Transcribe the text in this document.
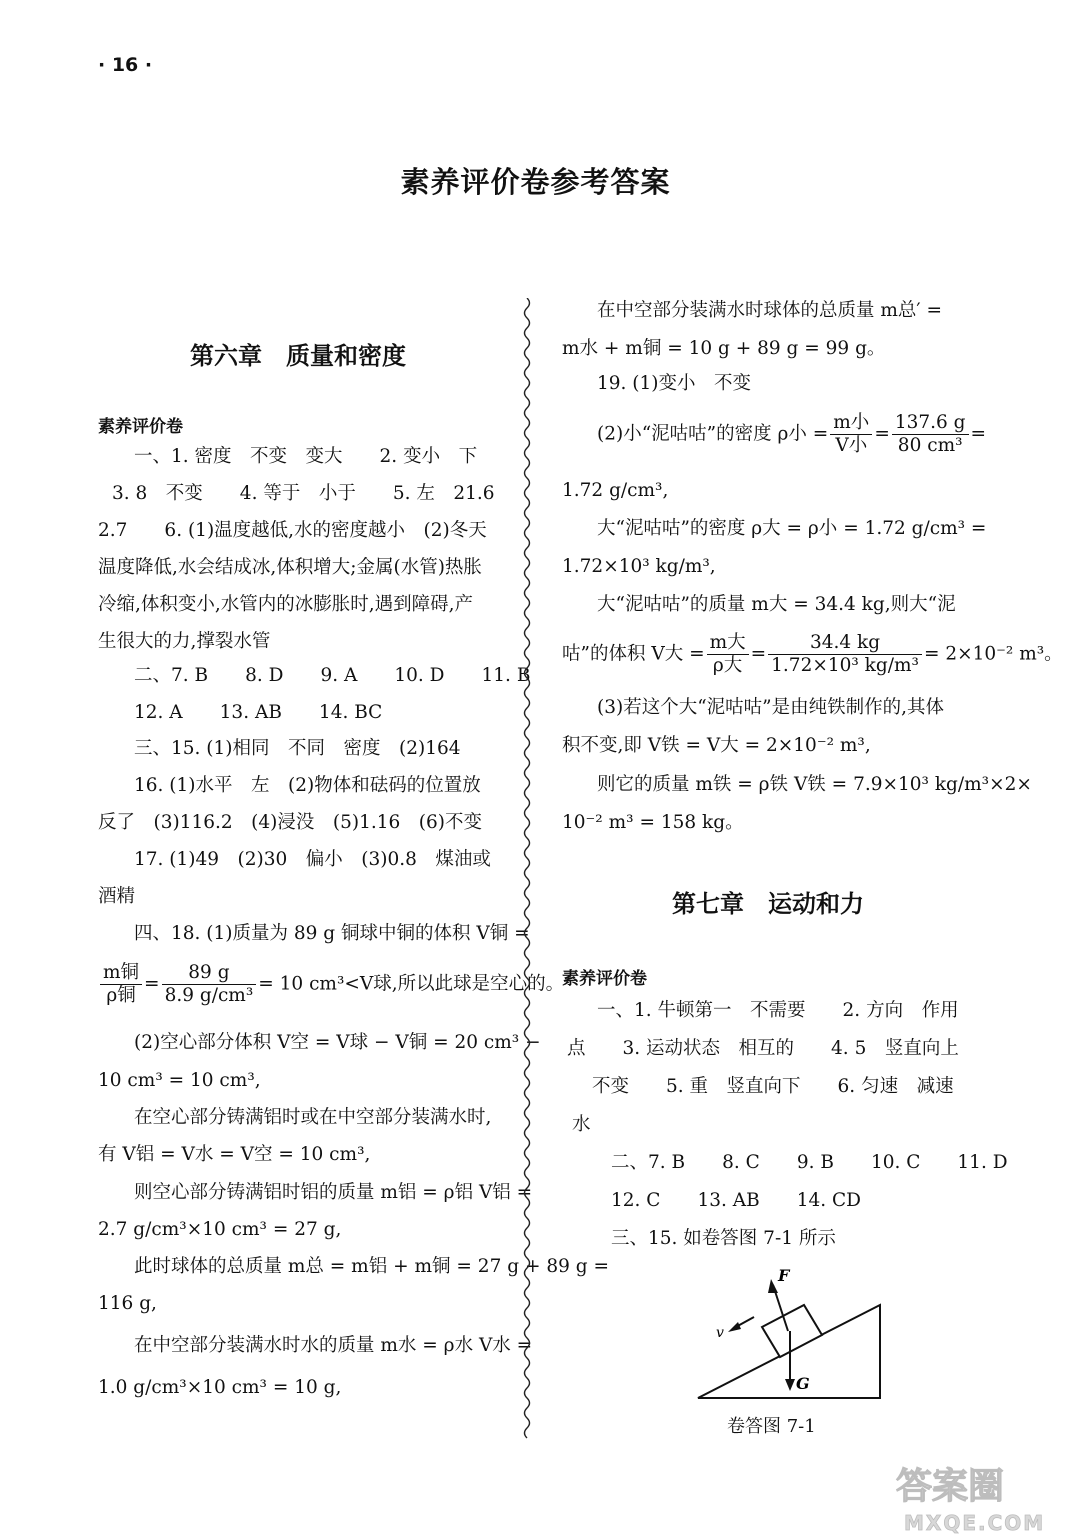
· 16 ·
素养评价卷参考答案
第六章　质量和密度
素养评价卷
一、1. 密度　不变　变大　　2. 变小　下
3. 8　不变　　4. 等于　小于　　5. 左　21.6
2.7　　6. (1)温度越低,水的密度越小　(2)冬天
温度降低,水会结成冰,体积增大;金属(水管)热胀
冷缩,体积变小,水管内的冰膨胀时,遇到障碍,产
生很大的力,撑裂水管
二、7. B　　8. D　　9. A　　10. D　　11. B
12. A　　13. AB　　14. BC
三、15. (1)相同　不同　密度　(2)164
16. (1)水平　左　(2)物体和砝码的位置放
反了　(3)116.2　(4)浸没　(5)1.16　(6)不变
17. (1)49　(2)30　偏小　(3)0.8　煤油或
酒精
四、18. (1)质量为 89 g 铜球中铜的体积 V铜 =
$\frac{\text{m铜}}{\text{ρ铜}} = \frac{89 g}{\text{8.9 g/cm³}} = 10$ cm³<V球,所以此球是空心的。
(2)空心部分体积 V空 = V球 − V铜 = 20 cm³ −
10 cm³ = 10 cm³,
在空心部分铸满铝时或在中空部分装满水时,
有 V铝 = V水 = V空 = 10 cm³,
则空心部分铸满铝时铝的质量 m铝 = ρ铝 V铝 =
2.7 g/cm³×10 cm³ = 27 g,
此时球体的总质量 m总 = m铝 + m铜 = 27 g + 89 g =
116 g,
在中空部分装满水时水的质量 m水 = ρ水 V水 =
1.0 g/cm³×10 cm³ = 10 g,
在中空部分装满水时球体的总质量 m总′ =
m水 + m铜 = 10 g + 89 g = 99 g。
19. (1)变小　不变
(2)小“泥咕咕”的密度 ρ小 = $\frac{\text{m小}}{\text{V小}} = \frac{137.6 g}{\text{80 cm³}}$ =
1.72 g/cm³,
大“泥咕咕”的密度 ρ大 = ρ小 = 1.72 g/cm³ =
1.72×10³ kg/m³,
大“泥咕咕”的质量 m大 = 34.4 kg,则大“泥
咕”的体积 V大 = $\frac{\text{m大}}{\text{ρ大}} = \frac{34.4 kg}{\text{1.72×10³ kg/m³}} = 2\times 10^{-2}$ m³。
(3)若这个大“泥咕咕”是由纯铁制作的,其体
积不变,即 V铁 = V大 = 2×10⁻² m³,
则它的质量 m铁 = ρ铁 V铁 = 7.9×10³ kg/m³×2×
10⁻² m³ = 158 kg。
第七章　运动和力
素养评价卷
一、1. 牛顿第一　不需要　　2. 方向　作用
点　　3. 运动状态　相互的　　4. 5　竖直向上
不变　　5. 重　竖直向下　　6. 匀速　减速
水
二、7. B　　8. C　　9. B　　10. C　　11. D
12. C　　13. AB　　14. CD
三、15. 如卷答图 7-1 所示
F
v
G
卷答图 7-1
答案圈
MXQE.COM
